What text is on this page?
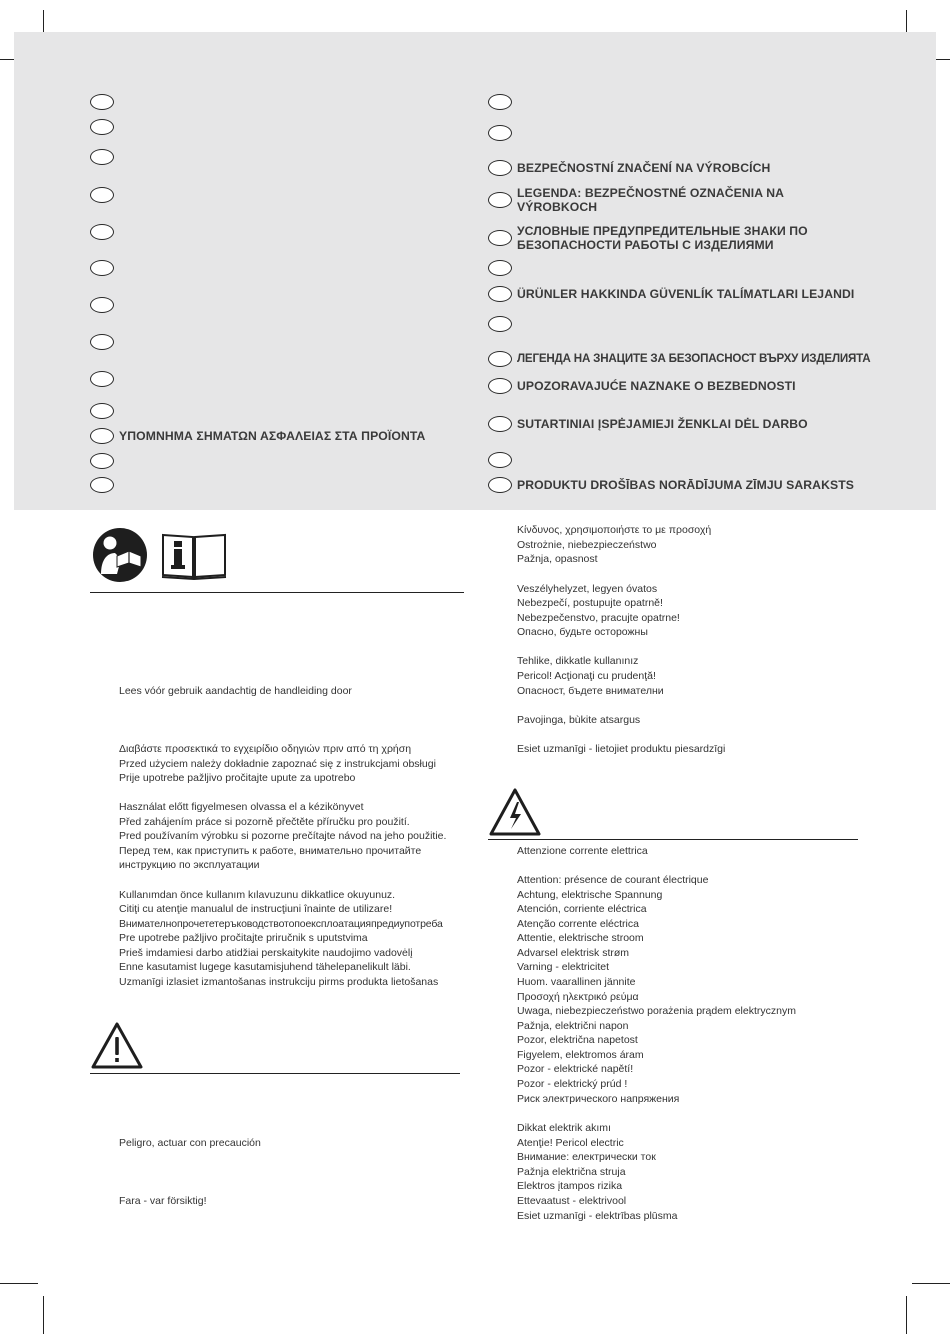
ΥΠΟΜΝΗΜΑ ΣΗΜΑΤΩΝ ΑΣΦΑΛΕΙΑΣ ΣΤΑ ΠΡΟΪΟΝΤΑ
BEZPEČNOSTNÍ ZNAČENÍ NA VÝROBCÍCH
LEGENDA: BEZPEČNOSTNÉ OZNAČENIA NA
VÝROBKOCH
УСЛОВНЫЕ ПРЕДУПРЕДИТЕЛЬНЫЕ ЗНАКИ ПО
БЕЗОПАСНОСТИ РАБОТЫ С ИЗДЕЛИЯМИ
ÜRÜNLER HAKKINDA GÜVENLÍK TALÍMATLARI LEJANDI
ЛЕГЕНДА НА ЗНАЦИТЕ ЗА БЕЗОПАСНОСТ ВЪРХУ ИЗДЕЛИЯТА
UPOZORAVAJUĆE NAZNAKE O BEZBEDNOSTI
SUTARTINIAI ĮSPĖJAMIEJI ŽENKLAI DĖL DARBO
PRODUKTU DROŠĪBAS NORĀDĪJUMA ZĪMJU SARAKSTS
Lees vóór gebruik aandachtig de handleiding door
Διαβάστε προσεκτικά το εγχειρίδιο οδηγιών πριν από τη χρήση
Przed użyciem należy dokładnie zapoznać się z instrukcjami obsługi
Prije upotrebe pažljivo pročitajte upute za upotrebo
Használat előtt figyelmesen olvassa el a kézikönyvet
Před zahájením práce si pozorně přečtěte příručku pro použití.
Pred používaním výrobku si pozorne prečítajte návod na jeho použitie.
Перед тем, как приступить к работе, внимательно прочитайте
инструкцию по эксплуатации
Kullanımdan önce kullanım kılavuzunu dikkatlice okuyunuz.
Citiţi cu atenţie manualul de instrucţiuni înainte de utilizare!
Внимателнопрочететеръководствотопоексплоатацияпредиупотреба
Pre upotrebe pažljivo pročitajte priručnik s uputstvima
Prieš imdamiesi darbo atidžiai perskaitykite naudojimo vadovėlį
Enne kasutamist lugege kasutamisjuhend tähelepanelikult läbi.
Uzmanīgi izlasiet izmantošanas instrukciju pirms produkta lietošanas
Peligro, actuar con precaución
Fara - var försiktig!
Κίνδυνος, χρησιμοποιήστε το με προσοχή
Ostrożnie, niebezpieczeństwo
Pažnja, opasnost
Veszélyhelyzet, legyen óvatos
Nebezpečí, postupujte opatrně!
Nebezpečenstvo, pracujte opatrne!
Опасно, будьте осторожны
Tehlike, dikkatle kullanınız
Pericol! Acţionaţi cu prudenţă!
Опасност, бъдете внимателни
Pavojinga, bùkite atsargus
Esiet uzmanīgi - lietojiet produktu piesardzīgi
Attenzione corrente elettrica
Attention: présence de courant électrique
Achtung, elektrische Spannung
Atención, corriente eléctrica
Atenção corrente eléctrica
Attentie, elektrische stroom
Advarsel elektrisk strøm
Varning - elektricitet
Huom. vaarallinen jännite
Προσοχή ηλεκτρικό ρεύμα
Uwaga, niebezpieczeństwo porażenia prądem elektrycznym
Pažnja, električni napon
Pozor, električna napetost
Figyelem, elektromos áram
Pozor - elektrické napětí!
Pozor - elektrický prúd !
Риск электрического напряжения
Dikkat elektrik akımı
Atenţie! Pericol electric
Внимание: електрически ток
Pažnja električna struja
Elektros įtampos rizika
Ettevaatust - elektrivool
Esiet uzmanīgi - elektrības plūsma
